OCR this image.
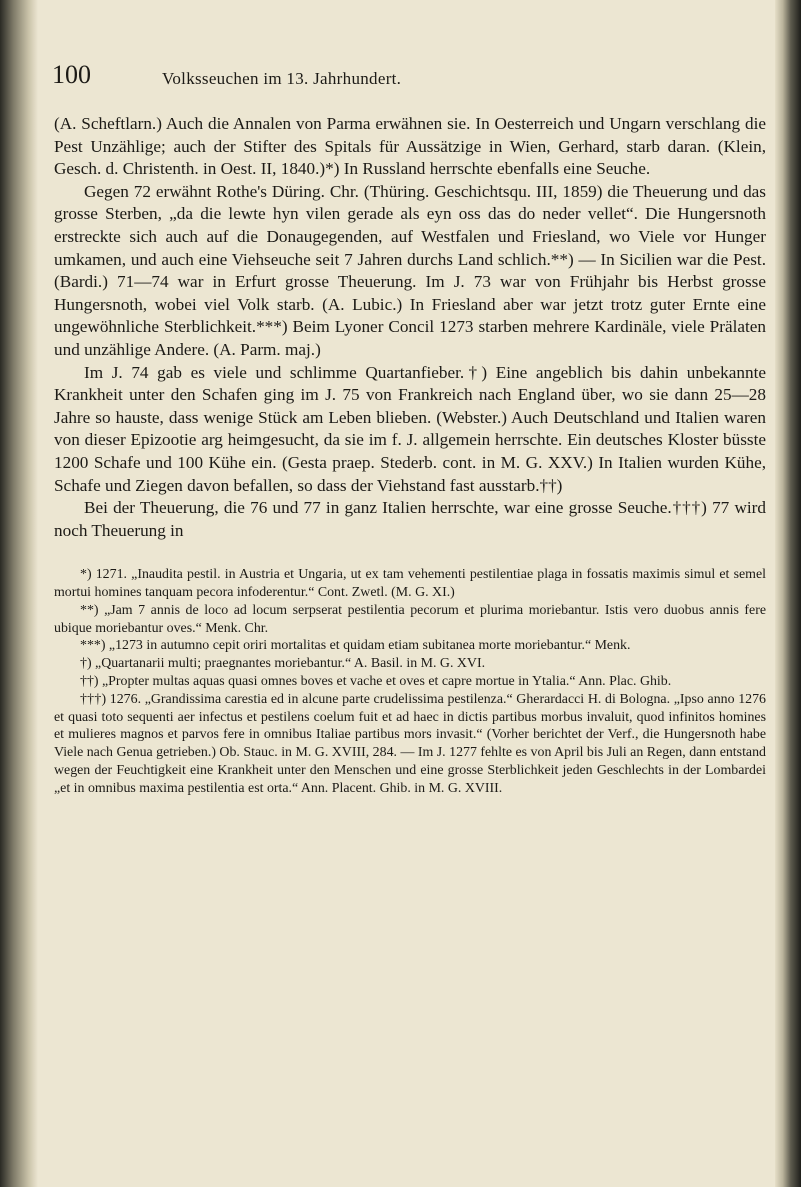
100	Volksseuchen im 13. Jahrhundert.

(A. Scheftlarn.) Auch die Annalen von Parma erwähnen sie. In Oesterreich und Ungarn verschlang die Pest Unzählige; auch der Stifter des Spitals für Aussätzige in Wien, Gerhard, starb daran. (Klein, Gesch. d. Christenth. in Oest. II, 1840.)*) In Russland herrschte ebenfalls eine Seuche.

Gegen 72 erwähnt Rothe's Düring. Chr. (Thüring. Geschichtsqu. III, 1859) die Theuerung und das grosse Sterben, „da die lewte hyn vilen gerade als eyn oss das do neder vellet“. Die Hungersnoth erstreckte sich auch auf die Donaugegenden, auf Westfalen und Friesland, wo Viele vor Hunger umkamen, und auch eine Viehseuche seit 7 Jahren durchs Land schlich.**) — In Sicilien war die Pest. (Bardi.) 71—74 war in Erfurt grosse Theuerung. Im J. 73 war von Frühjahr bis Herbst grosse Hungersnoth, wobei viel Volk starb. (A. Lubic.) In Friesland aber war jetzt trotz guter Ernte eine ungewöhnliche Sterblichkeit.***) Beim Lyoner Concil 1273 starben mehrere Kardinäle, viele Prälaten und unzählige Andere. (A. Parm. maj.)

Im J. 74 gab es viele und schlimme Quartanfieber.†) Eine angeblich bis dahin unbekannte Krankheit unter den Schafen ging im J. 75 von Frankreich nach England über, wo sie dann 25—28 Jahre so hauste, dass wenige Stück am Leben blieben. (Webster.) Auch Deutschland und Italien waren von dieser Epizootie arg heimgesucht, da sie im f. J. allgemein herrschte. Ein deutsches Kloster büsste 1200 Schafe und 100 Kühe ein. (Gesta praep. Stederb. cont. in M. G. XXV.) In Italien wurden Kühe, Schafe und Ziegen davon befallen, so dass der Viehstand fast ausstarb.††)

Bei der Theuerung, die 76 und 77 in ganz Italien herrschte, war eine grosse Seuche.†††) 77 wird noch Theuerung in

*) 1271. „Inaudita pestil. in Austria et Ungaria, ut ex tam vehementi pestilentiae plaga in fossatis maximis simul et semel mortui homines tanquam pecora infoderentur.“ Cont. Zwetl. (M. G. XI.)

**) „Jam 7 annis de loco ad locum serpserat pestilentia pecorum et plurima moriebantur. Istis vero duobus annis fere ubique moriebantur oves.“ Menk. Chr.

***) „1273 in autumno cepit oriri mortalitas et quidam etiam subitanea morte moriebantur.“ Menk.

†) „Quartanarii multi; praegnantes moriebantur.“ A. Basil. in M. G. XVI.

††) „Propter multas aquas quasi omnes boves et vache et oves et capre mortue in Ytalia.“ Ann. Plac. Ghib.

†††) 1276. „Grandissima carestia ed in alcune parte crudelissima pestilenza.“ Gherardacci H. di Bologna. „Ipso anno 1276 et quasi toto sequenti aer infectus et pestilens coelum fuit et ad haec in dictis partibus morbus invaluit, quod infinitos homines et mulieres magnos et parvos fere in omnibus Italiae partibus mors invasit.“ (Vorher berichtet der Verf., die Hungersnoth habe Viele nach Genua getrieben.) Ob. Stauc. in M. G. XVIII, 284. — Im J. 1277 fehlte es von April bis Juli an Regen, dann entstand wegen der Feuchtigkeit eine Krankheit unter den Menschen und eine grosse Sterblichkeit jeden Geschlechts in der Lombardei „et in omnibus maxima pestilentia est orta.“ Ann. Placent. Ghib. in M. G. XVIII.
